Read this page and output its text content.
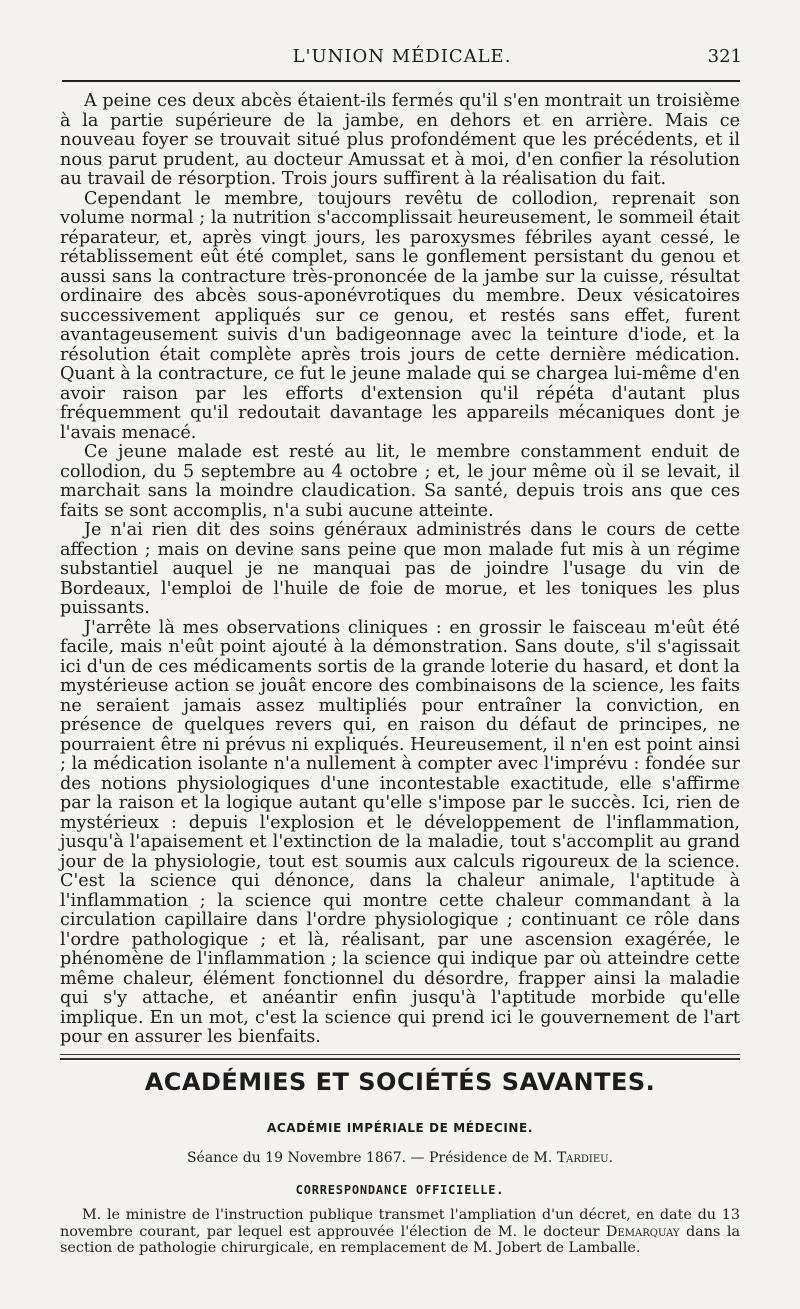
L'UNION MÉDICALE.	321

A peine ces deux abcès étaient-ils fermés qu'il s'en montrait un troisième à la partie supérieure de la jambe, en dehors et en arrière. Mais ce nouveau foyer se trouvait situé plus profondément que les précédents, et il nous parut prudent, au docteur Amussat et à moi, d'en confier la résolution au travail de résorption. Trois jours suffirent à la réalisation du fait.

Cependant le membre, toujours revêtu de collodion, reprenait son volume normal ; la nutrition s'accomplissait heureusement, le sommeil était réparateur, et, après vingt jours, les paroxysmes fébriles ayant cessé, le rétablissement eût été complet, sans le gonflement persistant du genou et aussi sans la contracture très-prononcée de la jambe sur la cuisse, résultat ordinaire des abcès sous-aponévrotiques du membre. Deux vésicatoires successivement appliqués sur ce genou, et restés sans effet, furent avantageusement suivis d'un badigeonnage avec la teinture d'iode, et la résolution était complète après trois jours de cette dernière médication. Quant à la contracture, ce fut le jeune malade qui se chargea lui-même d'en avoir raison par les efforts d'extension qu'il répéta d'autant plus fréquemment qu'il redoutait davantage les appareils mécaniques dont je l'avais menacé.

Ce jeune malade est resté au lit, le membre constamment enduit de collodion, du 5 septembre au 4 octobre ; et, le jour même où il se levait, il marchait sans la moindre claudication. Sa santé, depuis trois ans que ces faits se sont accomplis, n'a subi aucune atteinte.

Je n'ai rien dit des soins généraux administrés dans le cours de cette affection ; mais on devine sans peine que mon malade fut mis à un régime substantiel auquel je ne manquai pas de joindre l'usage du vin de Bordeaux, l'emploi de l'huile de foie de morue, et les toniques les plus puissants.

J'arrête là mes observations cliniques : en grossir le faisceau m'eût été facile, mais n'eût point ajouté à la démonstration. Sans doute, s'il s'agissait ici d'un de ces médicaments sortis de la grande loterie du hasard, et dont la mystérieuse action se jouât encore des combinaisons de la science, les faits ne seraient jamais assez multipliés pour entraîner la conviction, en présence de quelques revers qui, en raison du défaut de principes, ne pourraient être ni prévus ni expliqués. Heureusement, il n'en est point ainsi ; la médication isolante n'a nullement à compter avec l'imprévu : fondée sur des notions physiologiques d'une incontestable exactitude, elle s'affirme par la raison et la logique autant qu'elle s'impose par le succès. Ici, rien de mystérieux : depuis l'explosion et le développement de l'inflammation, jusqu'à l'apaisement et l'extinction de la maladie, tout s'accomplit au grand jour de la physiologie, tout est soumis aux calculs rigoureux de la science. C'est la science qui dénonce, dans la chaleur animale, l'aptitude à l'inflammation ; la science qui montre cette chaleur commandant à la circulation capillaire dans l'ordre physiologique ; continuant ce rôle dans l'ordre pathologique ; et là, réalisant, par une ascension exagérée, le phénomène de l'inflammation ; la science qui indique par où atteindre cette même chaleur, élément fonctionnel du désordre, frapper ainsi la maladie qui s'y attache, et anéantir enfin jusqu'à l'aptitude morbide qu'elle implique. En un mot, c'est la science qui prend ici le gouvernement de l'art pour en assurer les bienfaits.

ACADÉMIES ET SOCIÉTÉS SAVANTES.
ACADÉMIE IMPÉRIALE DE MÉDECINE.
Séance du 19 Novembre 1867. — Présidence de M. Tardieu.
CORRESPONDANCE OFFICIELLE.

M. le ministre de l'instruction publique transmet l'ampliation d'un décret, en date du 13 novembre courant, par lequel est approuvée l'élection de M. le docteur Demarquay dans la section de pathologie chirurgicale, en remplacement de M. Jobert de Lamballe.
